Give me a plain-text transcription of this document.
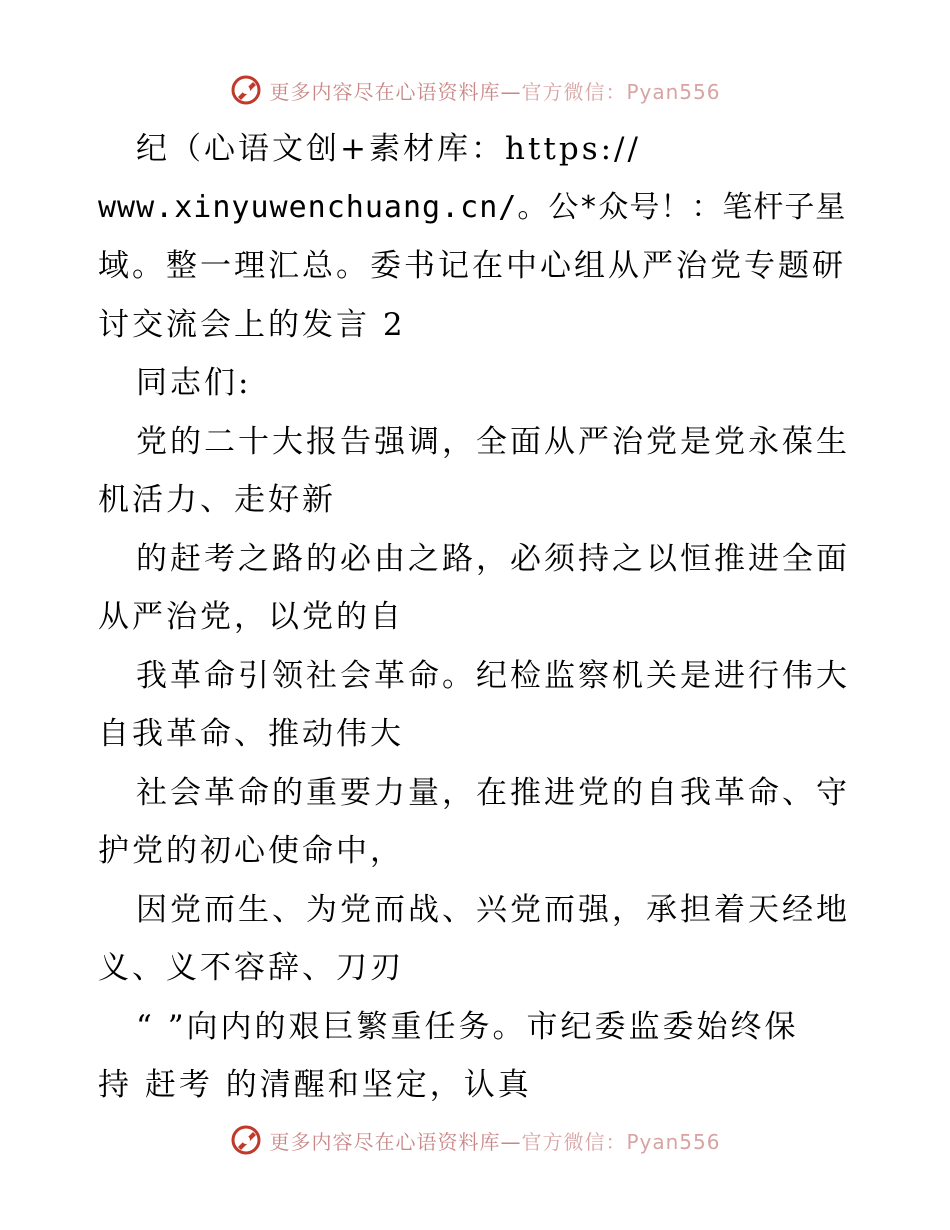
更多内容尽在心语资料库—官方微信：Pyan556
纪（心语文创+素材库：https://
www.xinyuwenchuang.cn/。公*众号！：笔杆子星
域。整一理汇总。委书记在中心组从严治党专题研
讨交流会上的发言 2
同志们:
党的二十大报告强调，全面从严治党是党永葆生
机活力、走好新
的赶考之路的必由之路，必须持之以恒推进全面
从严治党，以党的自
我革命引领社会革命。纪检监察机关是进行伟大
自我革命、推动伟大
社会革命的重要力量，在推进党的自我革命、守
护党的初心使命中，
因党而生、为党而战、兴党而强，承担着天经地
义、义不容辞、刀刃
“ ”向内的艰巨繁重任务。市纪委监委始终保
持 赶考 的清醒和坚定，认真
更多内容尽在心语资料库—官方微信：Pyan556
